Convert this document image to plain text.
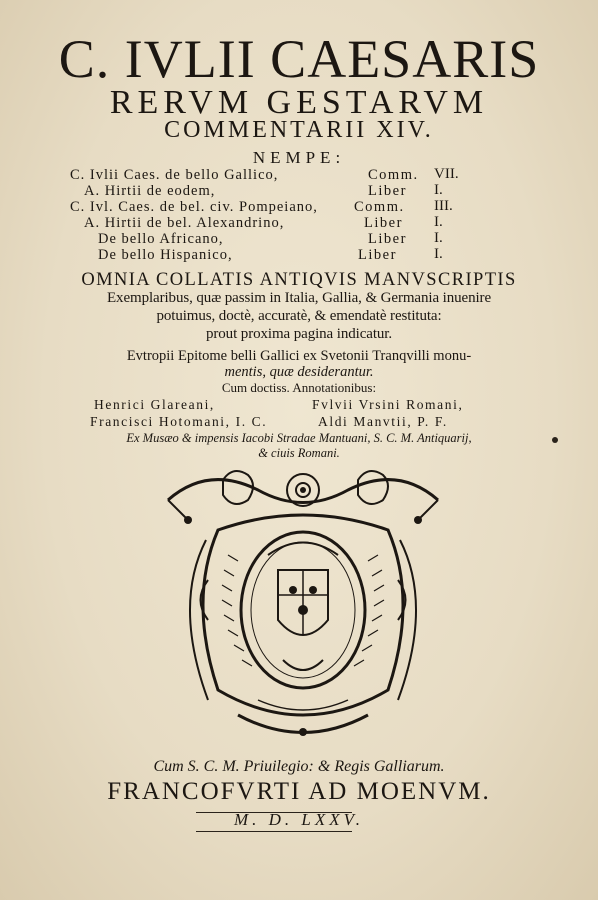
C. IVLII CAESARIS
RERVM GESTARVM
COMMENTARII XIV.
NEMPE:
C. Ivlii Caes. de bello Gallico,	Comm. VII.
A. Hirtii de eodem,	Liber I.
C. Ivl. Caes. de bel. civ. Pompeiano, Comm. III.
A. Hirtii de bel. Alexandrino,	Liber I.
De bello Africano,	Liber I.
De bello Hispanico,	Liber I.
OMNIA COLLATIS ANTIQVIS MANVSCRIPTIS
Exemplaribus, quæ passim in Italia, Gallia, & Germania inuenire
potuimus, doctè, accuratè, & emendatè restituta:
prout proxima pagina indicatur.
Evtropii Epitome belli Gallici ex Svetonii Tranqvilli monu-
mentis, quæ desiderantur.
Cum doctiss. Annotationibus:
Henrici Glareani,	Fvlvii Vrsini Romani,
Francisci Hotomani, I. C.	Aldi Manvtii, P. F.
Ex Musæo & impensis Iacobi Stradae Mantuani, S. C. M. Antiquarij,
& ciuis Romani.
Cum S. C. M. Priuilegio: & Regis Galliarum.
FRANCOFVRTI AD MOENVM.
M. D. LXXV.
